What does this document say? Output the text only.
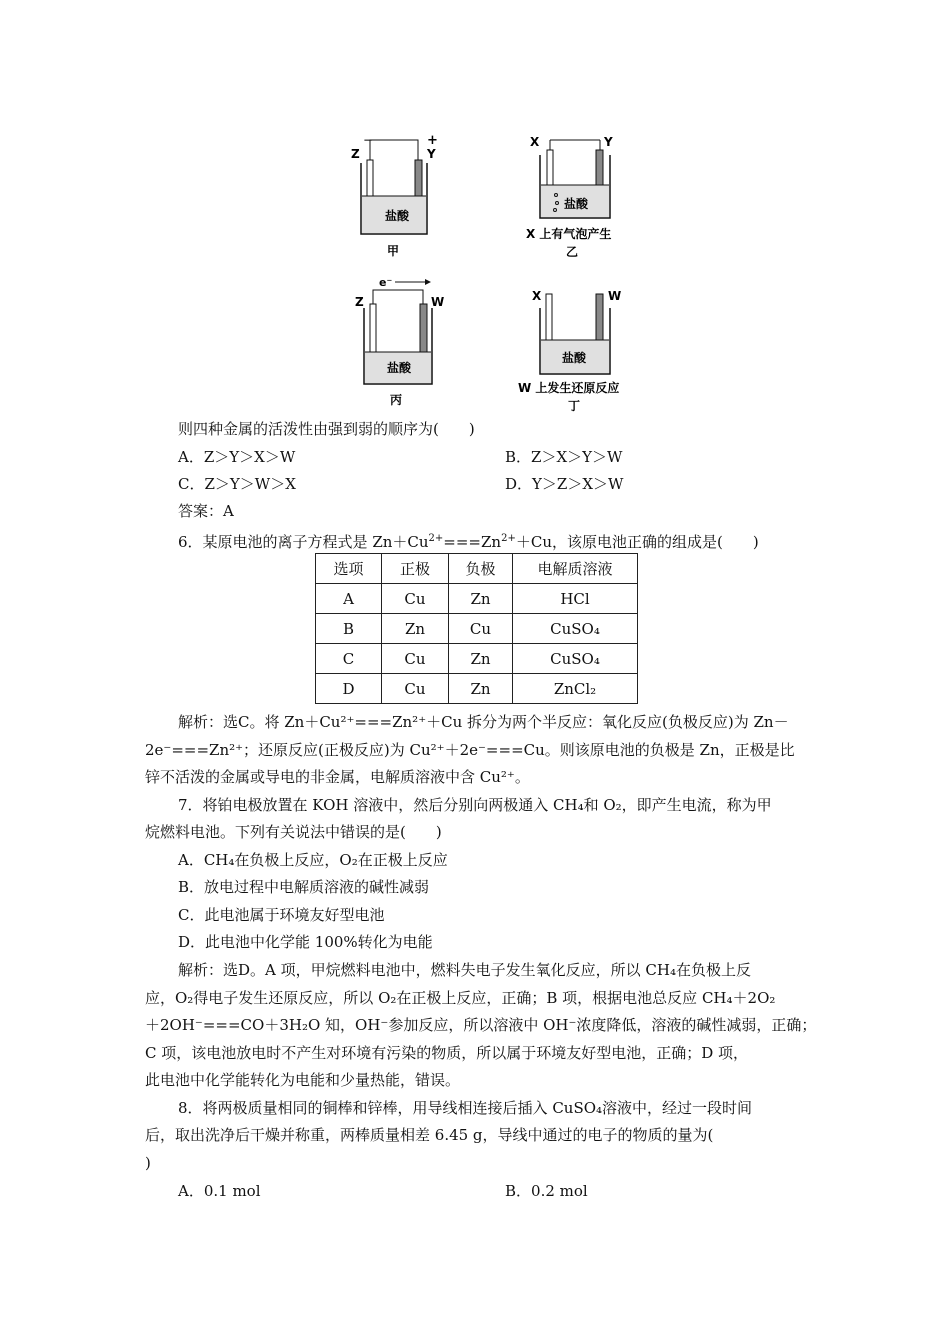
−	+
Z	Y
盐酸
甲
X	Y
盐酸
X 上有气泡产生
乙
e⁻
Z	W
盐酸
丙
X	W
盐酸
W 上发生还原反应
丁
则四种金属的活泼性由强到弱的顺序为(　　)
A．Z＞Y＞X＞W	B．Z＞X＞Y＞W
C．Z＞Y＞W＞X	D．Y＞Z＞X＞W
答案：A
6．某原电池的离子方程式是 $Zn+Cu^{2+}===Zn^{2+}+Cu$，该原电池正确的组成是(　　)
选项	正极	负极	电解质溶液
A	Cu	Zn	HCl
B	Zn	Cu	CuSO₄
C	Cu	Zn	CuSO₄
D	Cu	Zn	ZnCl₂
解析：选C。将 Zn＋Cu²⁺===Zn²⁺＋Cu 拆分为两个半反应：氧化反应(负极反应)为 Zn－
2e⁻===Zn²⁺；还原反应(正极反应)为 Cu²⁺＋2e⁻===Cu。则该原电池的负极是 Zn，正极是比
锌不活泼的金属或导电的非金属，电解质溶液中含 Cu²⁺。
7．将铂电极放置在 KOH 溶液中，然后分别向两极通入 CH₄和 O₂，即产生电流，称为甲
烷燃料电池。下列有关说法中错误的是(　　)
A．CH₄在负极上反应，O₂在正极上反应
B．放电过程中电解质溶液的碱性减弱
C．此电池属于环境友好型电池
D．此电池中化学能 100%转化为电能
解析：选D。A 项，甲烷燃料电池中，燃料失电子发生氧化反应，所以 CH₄在负极上反
应，O₂得电子发生还原反应，所以 O₂在正极上反应，正确；B 项，根据电池总反应 CH₄＋2O₂
＋2OH⁻===CO＋3H₂O 知，OH⁻参加反应，所以溶液中 OH⁻浓度降低，溶液的碱性减弱，正确；
C 项，该电池放电时不产生对环境有污染的物质，所以属于环境友好型电池，正确；D 项，
此电池中化学能转化为电能和少量热能，错误。
8．将两极质量相同的铜棒和锌棒，用导线相连接后插入 CuSO₄溶液中，经过一段时间
后，取出洗净后干燥并称重，两棒质量相差 6.45 g，导线中通过的电子的物质的量为(
)
A．0.1 mol	B．0.2 mol
